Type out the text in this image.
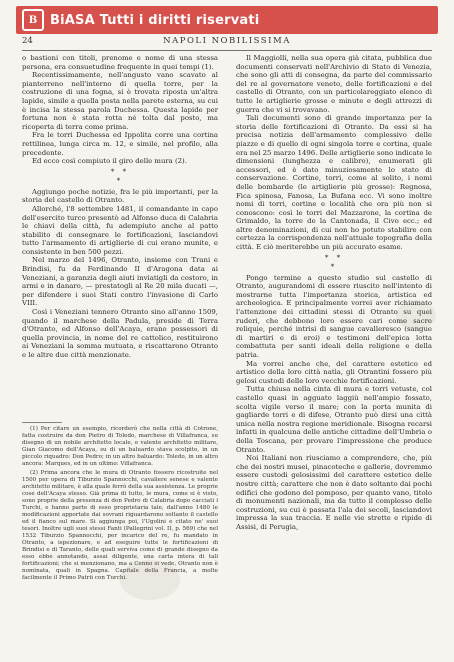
B BiASA Tutti i diritti riservati
24	NAPOLI NOBILISSIMA

o bastioni con titoli, prenome e nome di una stessa persona, era consuetudine frequente in quei tempi (1).

Recentissimamente, nell'angusto vano scavato al pianterreno nell'interno di quella torre, per la costruzione di una fogna, si è trovata riposta un'altra lapide, simile a quella posta nella parete esterna, su cui è incisa la stessa parola Duchessa. Questa lapide per fortuna non è stata rotta né tolta dal posto, ma ricoperta di terra come prima.

Fra le torri Duchessa ed Ippolita corre una cortina rettilinea, lunga circa m. 12, e simile, nel profilo, alla precedente.

Ed ecco così compiuto il giro delle mura (2).

* *
*

Aggiungo poche notizie, fra le più importanti, per la storia del castello di Otranto.

Allorché, l'8 settembre 1481, il comandante in capo dell'esercito turco presentò ad Alfonso duca di Calabria le chiavi della città, fu adempiuto anche al patto stabilito di consegnare le fortificazioni, lasciandovi tutto l'armamento di artiglierie di cui erano munite, e consistente in ben 500 pezzi.

Nel marzo del 1496, Otranto, insieme con Trani e Brindisi, fu da Ferdinando II d'Aragona data ai Veneziani, a garanzia degli aiuti inviatigli da costoro, in armi e in danaro, — prestatogli al Re 20 mila ducati —, per difendere i suoi Stati contro l'invasione di Carlo VIII.

Così i Veneziani tennero Otranto sino all'anno 1509, quando il marchese della Padula, preside di Terra d'Otranto, ed Alfonso dell'Acaya, erano possessori di quella provincia, in nome del re cattolico, restituirono ai Veneziani la somma mutuata, e riscattarono Otranto e le altre due città menzionate.

(1) Per citare un esempio, ricorderò che nella città di Cotrone, fatta costruire da don Pietro di Toledo, marchese di Villafranca, su disegno di un nobile architetto locale, e valente architetto militare, Gian Giacomo dell'Acaya, su di un baluardo stava scolpito, in un piccolo riquadro: Don Pedro; in un altro baluardo: Toledo, in un altro ancora: Marques, ed in un ultimo: Villafranca.

(2) Prima ancora che le mura di Otranto fossero ricostruite nel 1500 per opera di Tiburzio Spannocchi, cavaliere senese e valente architetto militare, è alla quale ferrò della sua assistenza. Le proprie cose dell'Acaya stesso. Già prima di tutto, le mura, come si è visto, sono proprie della presenza di don Pedro di Calabria dopo cacciati i Turchi, e hanno parte di esso proprietaria tale, dall'anno 1480 le modificazioni apportate dai sovrani riguardarono soltanto il castello ed il fianco sul mare. Si aggiunga poi, l'Ugolini e citato ne' suoi tesori. Inoltre ugli suoi stessi Fanti (Pallegrini vol. II, p. 569) che nel 1532 Tiburzio Spannocchi, per incarico del re, fu mandato in Otranto, a ispezionare, e ad eseguire tutte le fortificazioni di Brindisi e di Taranto, delle quali serviva come di grande disegno da esso ebbe annotando, assai diligente, una carta intera di tali fortificazioni; che si menzionano, ma a Cenno si vede, Otranto non è nominata, quali in Spagna. Capitale della Francia, a molte facilmente il Primo Patrii con Turchi.

Il Maggiolli, nella sua opera già citata, pubblica due documenti conservati nell'Archivio di Stato di Venezia, che sono gli atti di consegna, da parte del commissario del re al governatore veneto, delle fortificazioni e del castello di Otranto, con un particolareggiato elenco di tutte le artiglierie grosse e minute e degli attrezzi di guerra che vi si trovavano.

Tali documenti sono di grande importanza per la storia delle fortificazioni di Otranto. Da essi si ha precisa notizia dell'armamento complessivo delle piazze e di quello di ogni singola torre e cortina, quale era nel 25 marzo 1496. Delle artiglierie sono indicate le dimensioni (lunghezza e calibro), enumerati gli accessori, ed è dato minuziosamente lo stato di conservazione. Cortine, torri, come al solito, i nomi delle bombarde (le artiglierie più grosse): Regnosa, Fica spinosa, Fanosa, La Bufana ecc. Vi sono inoltre nomi di torri, cortine e località che ora più non si conoscono: così le torri del Mazzarone, la cortina de Grimaldo, la torre de la Cantonada, il Civo ecc.; ed altre denominazioni, di cui non ho potuto stabilire con certezza la corrispondenza nell'attuale topografia della città. E ciò meriterebbe un più accurato esame.

* *
*

Pongo termine a questo studio sul castello di Otranto, augurandomi di essere riuscito nell'intento di mostrarne tutta l'importanza storica, artistica ed archeologica. E principalmente vorrei aver richiamato l'attenzione dei cittadini stessi di Otranto su quei ruderi, che debbono loro essere cari come sacre reliquie, perché intrisi di sangue cavalleresco (sangue di martiri e di eroi) e testimoni dell'epica lotta combattuta per santi ideali della religione e della patria.

Ma vorrei anche che, del carattere estetico ed artistico della loro città natìa, gli Otrantini fossero più gelosi custodi delle loro vecchie fortificazioni.

Tutta chiusa nella cinta di mura e torri vetuste, col castello quasi in agguato laggiù nell'ampio fossato, scolta vigile verso il mare; con la porta munita di gagliarde torri e di difese, Otranto può dirsi una città unica nella nostra regione meridionale. Bisogna recarsi infatti in qualcuna delle antiche cittadine dell'Umbria o della Toscana, per provare l'impressione che produce Otranto.

Noi Italiani non riusciamo a comprendere, che, più che dei nostri musei, pinacoteche e gallerie, dovremmo essere custodi gelosissimi del carattere estetico delle nostre città; carattere che non è dato soltanto dai pochi edifici che godono del pomposo, per quanto vano, titolo di monumenti nazionali, ma da tutto il complesso delle costruzioni, su cui è passata l'ala dei secoli, lasciandovi impressa la sua traccia. E nelle vie strette e ripide di Assisi, di Perugia,
